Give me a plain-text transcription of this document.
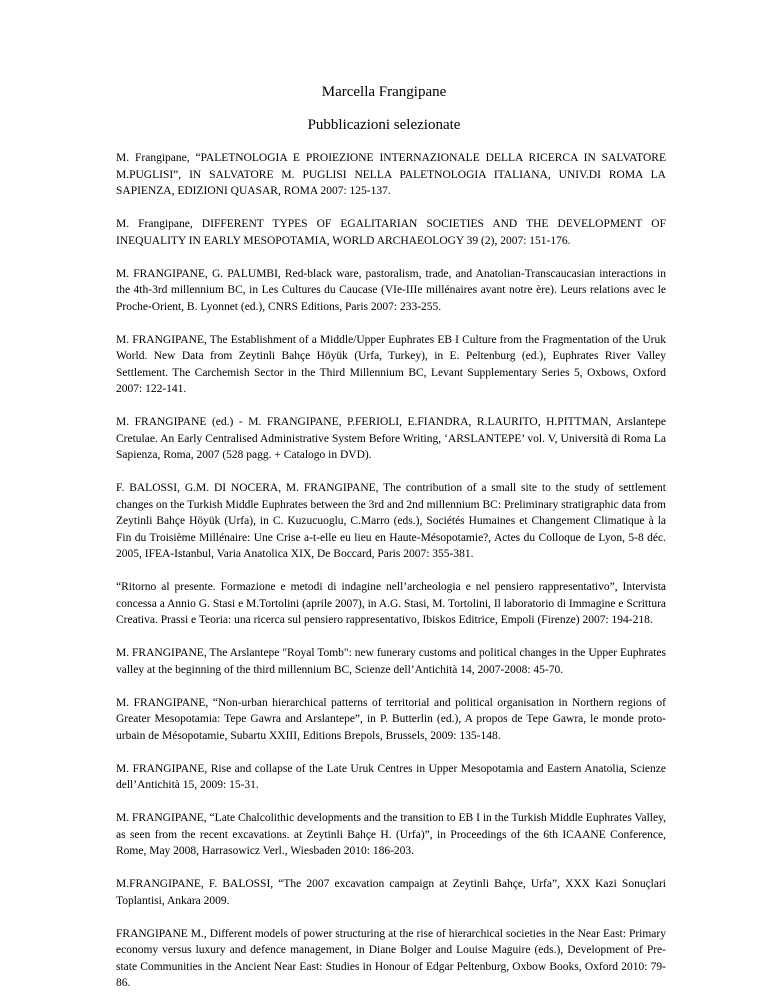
Marcella Frangipane
Pubblicazioni selezionate

M. Frangipane, “PALETNOLOGIA E PROIEZIONE INTERNAZIONALE DELLA RICERCA IN SALVATORE M.PUGLISI”, IN SALVATORE M. PUGLISI NELLA PALETNOLOGIA ITALIANA, UNIV.DI ROMA LA SAPIENZA, EDIZIONI QUASAR, ROMA 2007: 125-137.

M. Frangipane, DIFFERENT TYPES OF EGALITARIAN SOCIETIES AND THE DEVELOPMENT OF INEQUALITY IN EARLY MESOPOTAMIA, WORLD ARCHAEOLOGY 39 (2), 2007: 151-176.

M. FRANGIPANE, G. PALUMBI, Red-black ware, pastoralism, trade, and Anatolian-Transcaucasian interactions in the 4th-3rd millennium BC, in Les Cultures du Caucase (VIe-IIIe millénaires avant notre ère). Leurs relations avec le Proche-Orient, B. Lyonnet (ed.), CNRS Editions, Paris 2007: 233-255.

M. FRANGIPANE, The Establishment of a Middle/Upper Euphrates EB I Culture from the Fragmentation of the Uruk World. New Data from Zeytinli Bahçe Höyük (Urfa, Turkey), in E. Peltenburg (ed.), Euphrates River Valley Settlement. The Carchemish Sector in the Third Millennium BC, Levant Supplementary Series 5, Oxbows, Oxford 2007: 122-141.

M. FRANGIPANE (ed.) - M. FRANGIPANE, P.FERIOLI, E.FIANDRA, R.LAURITO, H.PITTMAN, Arslantepe Cretulae. An Early Centralised Administrative System Before Writing, ‘ARSLANTEPE’ vol. V, Università di Roma La Sapienza, Roma, 2007 (528 pagg. + Catalogo in DVD).

F. BALOSSI, G.M. DI NOCERA, M. FRANGIPANE, The contribution of a small site to the study of settlement changes on the Turkish Middle Euphrates between the 3rd and 2nd millennium BC: Preliminary stratigraphic data from Zeytinli Bahçe Höyük (Urfa), in C. Kuzucuoglu, C.Marro (eds.), Sociétés Humaines et Changement Climatique à la Fin du Troisième Millénaire: Une Crise a-t-elle eu lieu en Haute-Mésopotamie?, Actes du Colloque de Lyon, 5-8 déc. 2005, IFEA-Istanbul, Varia Anatolica XIX, De Boccard, Paris 2007: 355-381.

“Ritorno al presente. Formazione e metodi di indagine nell’archeologia e nel pensiero rappresentativo”, Intervista concessa a Annio G. Stasi e M.Tortolini (aprile 2007), in A.G. Stasi, M. Tortolini, Il laboratorio di Immagine e Scrittura Creativa. Prassi e Teoria: una ricerca sul pensiero rappresentativo, Ibiskos Editrice, Empoli (Firenze) 2007: 194-218.

M. FRANGIPANE, The Arslantepe "Royal Tomb": new funerary customs and political changes in the Upper Euphrates valley at the beginning of the third millennium BC, Scienze dell’Antichità 14, 2007-2008: 45-70.

M. FRANGIPANE, “Non-urban hierarchical patterns of territorial and political organisation in Northern regions of Greater Mesopotamia: Tepe Gawra and Arslantepe”, in P. Butterlin (ed.), A propos de Tepe Gawra, le monde proto-urbain de Mésopotamie, Subartu XXIII, Editions Brepols, Brussels, 2009: 135-148.

M. FRANGIPANE, Rise and collapse of the Late Uruk Centres in Upper Mesopotamia and Eastern Anatolia, Scienze dell’Antichità 15, 2009: 15-31.

M. FRANGIPANE, “Late Chalcolithic developments and the transition to EB I in the Turkish Middle Euphrates Valley, as seen from the recent excavations. at Zeytinli Bahçe H. (Urfa)”, in Proceedings of the 6th ICAANE Conference, Rome, May 2008, Harrasowicz Verl., Wiesbaden 2010: 186-203.

M.FRANGIPANE, F. BALOSSI, “The 2007 excavation campaign at Zeytinli Bahçe, Urfa”, XXX Kazi Sonuçlari Toplantisi, Ankara 2009.

FRANGIPANE M., Different models of power structuring at the rise of hierarchical societies in the Near East: Primary economy versus luxury and defence management, in Diane Bolger and Louise Maguire (eds.), Development of Pre-state Communities in the Ancient Near East: Studies in Honour of Edgar Peltenburg, Oxbow Books, Oxford 2010: 79-86.
